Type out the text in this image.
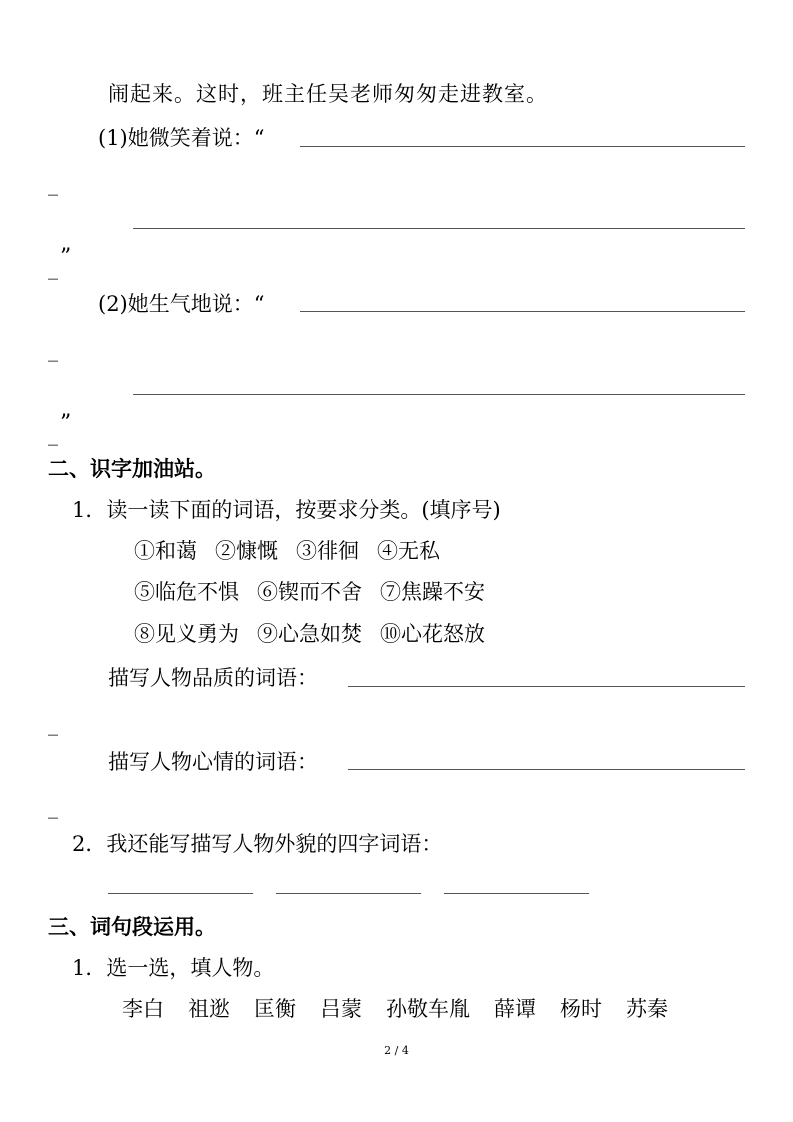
闹起来。这时，班主任吴老师匆匆走进教室。
(1)她微笑着说：“
_
_ ”
(2)她生气地说：“
_
_ ”
二、识字加油站。
1．读一读下面的词语，按要求分类。(填序号)
①和蔼 ②慷慨 ③徘徊 ④无私
⑤临危不惧 ⑥锲而不舍 ⑦焦躁不安
⑧见义勇为 ⑨心急如焚 ⑩心花怒放
描写人物品质的词语：
_
描写人物心情的词语：
_
2．我还能写描写人物外貌的四字词语：
三、词句段运用。
1．选一选，填人物。
李白 祖逖 匡衡 吕蒙 孙敬车胤 薛谭 杨时 苏秦
2 / 4
